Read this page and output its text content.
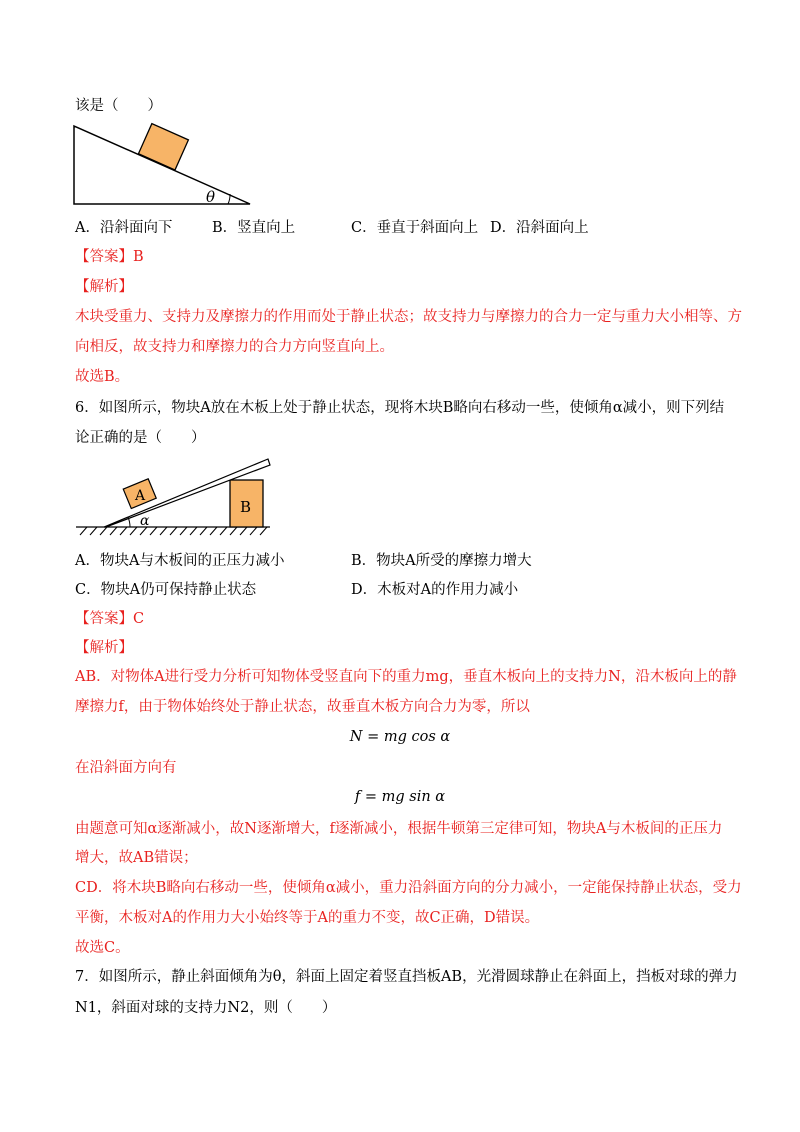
该是（　　）
θ
A．沿斜面向下	B．竖直向上	C．垂直于斜面向上 D．沿斜面向上
【答案】B
【解析】
木块受重力、支持力及摩擦力的作用而处于静止状态；故支持力与摩擦力的合力一定与重力大小相等、方
向相反，故支持力和摩擦力的合力方向竖直向上。
故选B。
6．如图所示，物块A放在木板上处于静止状态，现将木块B略向右移动一些，使倾角α减小，则下列结
论正确的是（　　）
B
A
α
A．物块A与木板间的正压力减小	B．物块A所受的摩擦力增大
C．物块A仍可保持静止状态	D．木板对A的作用力减小
【答案】C
【解析】
AB．对物体A进行受力分析可知物体受竖直向下的重力mg，垂直木板向上的支持力N，沿木板向上的静
摩擦力f，由于物体始终处于静止状态，故垂直木板方向合力为零，所以
N = mg cos α
在沿斜面方向有
f = mg sin α
由题意可知α逐渐减小，故N逐渐增大，f逐渐减小，根据牛顿第三定律可知，物块A与木板间的正压力
增大，故AB错误；
CD．将木块B略向右移动一些，使倾角α减小，重力沿斜面方向的分力减小，一定能保持静止状态，受力
平衡，木板对A的作用力大小始终等于A的重力不变，故C正确，D错误。
故选C。
7．如图所示，静止斜面倾角为θ，斜面上固定着竖直挡板AB，光滑圆球静止在斜面上，挡板对球的弹力
N1，斜面对球的支持力N2，则（　　）
